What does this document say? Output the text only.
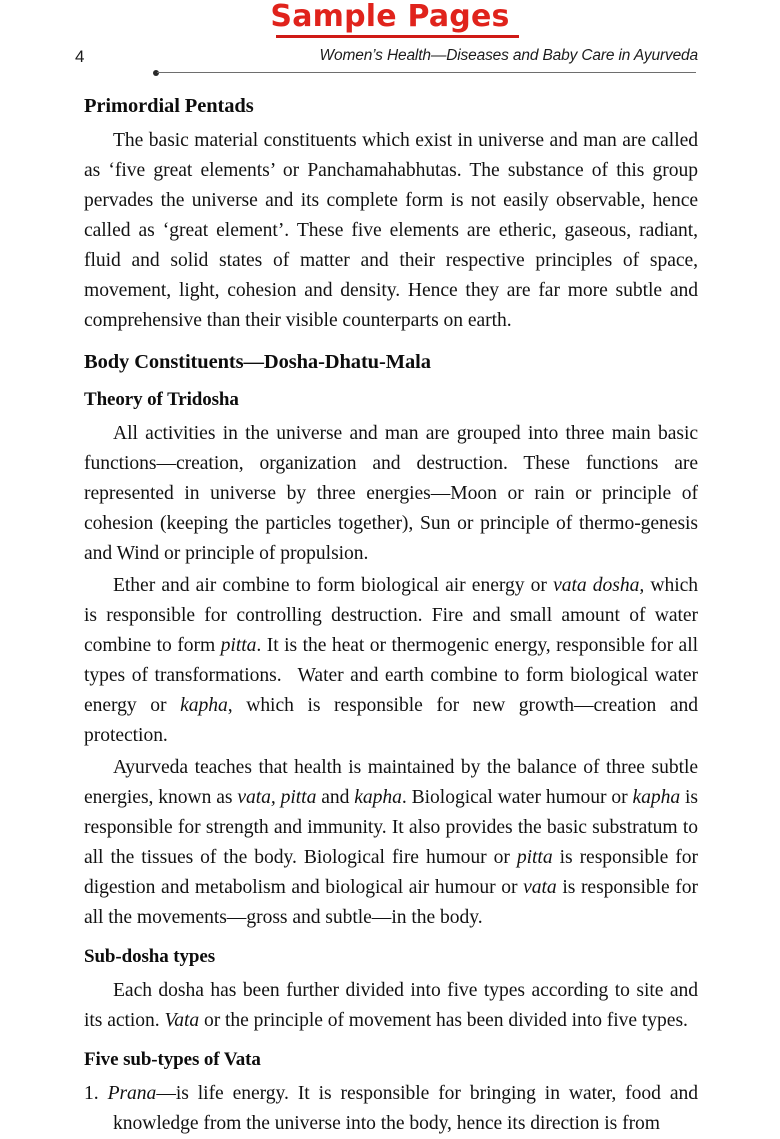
Sample Pages
4	Women’s Health—Diseases and Baby Care in Ayurveda
Primordial Pentads

The basic material constituents which exist in universe and man are called as ‘five great elements’ or Panchamahabhutas. The substance of this group pervades the universe and its complete form is not easily observable, hence called as ‘great element’. These five elements are etheric, gaseous, radiant, fluid and solid states of matter and their respective principles of space, movement, light, cohesion and density. Hence they are far more subtle and comprehensive than their visible counterparts on earth.

Body Constituents—Dosha-Dhatu-Mala
Theory of Tridosha

All activities in the universe and man are grouped into three main basic functions—creation, organization and destruction. These functions are represented in universe by three energies—Moon or rain or principle of cohesion (keeping the particles together), Sun or principle of thermo-genesis and Wind or principle of propulsion.

Ether and air combine to form biological air energy or vata dosha, which is responsible for controlling destruction. Fire and small amount of water combine to form pitta. It is the heat or thermogenic energy, responsible for all types of transformations.  Water and earth combine to form biological water energy or kapha, which is responsible for new growth—creation and protection.

Ayurveda teaches that health is maintained by the balance of three subtle energies, known as vata, pitta and kapha. Biological water humour or kapha is responsible for strength and immunity. It also provides the basic substratum to all the tissues of the body. Biological fire humour or pitta is responsible for digestion and metabolism and biological air humour or vata is responsible for all the movements—gross and subtle—in the body.

Sub-dosha types

Each dosha has been further divided into five types according to site and its action. Vata or the principle of movement has been divided into five types.

Five sub-types of Vata
1. Prana—is life energy. It is responsible for bringing in water, food and knowledge from the universe into the body, hence its direction is from
